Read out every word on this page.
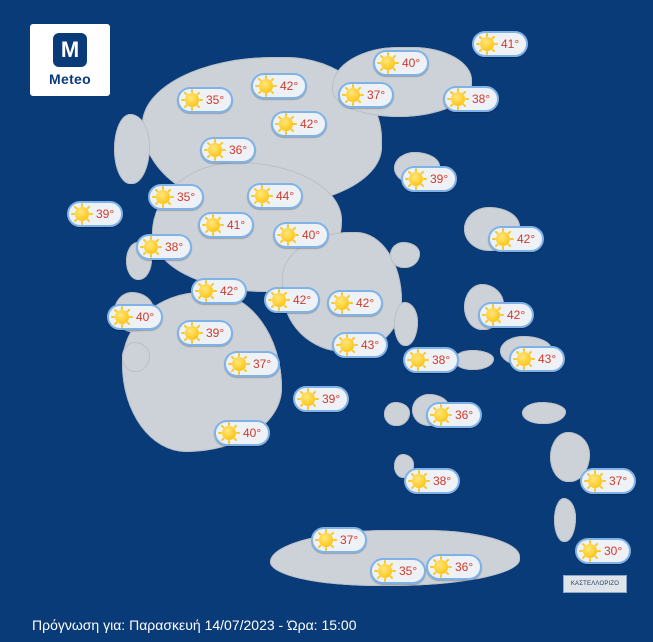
M
Meteo
41°
40°
42°
37°	38°
35°
42°
36°
39°
35°	44°
39°
41°
42°
40°
38°
42°
42°	42°
42°
40°
39°
43°
43°
37°	38°
39°
36°
40°
37°
38°
37°
30°
35°	36°
ΚΑΣΤΕΛΛΟΡΙΖΟ
Πρόγνωση για: Παρασκευή 14/07/2023 - Ώρα: 15:00
